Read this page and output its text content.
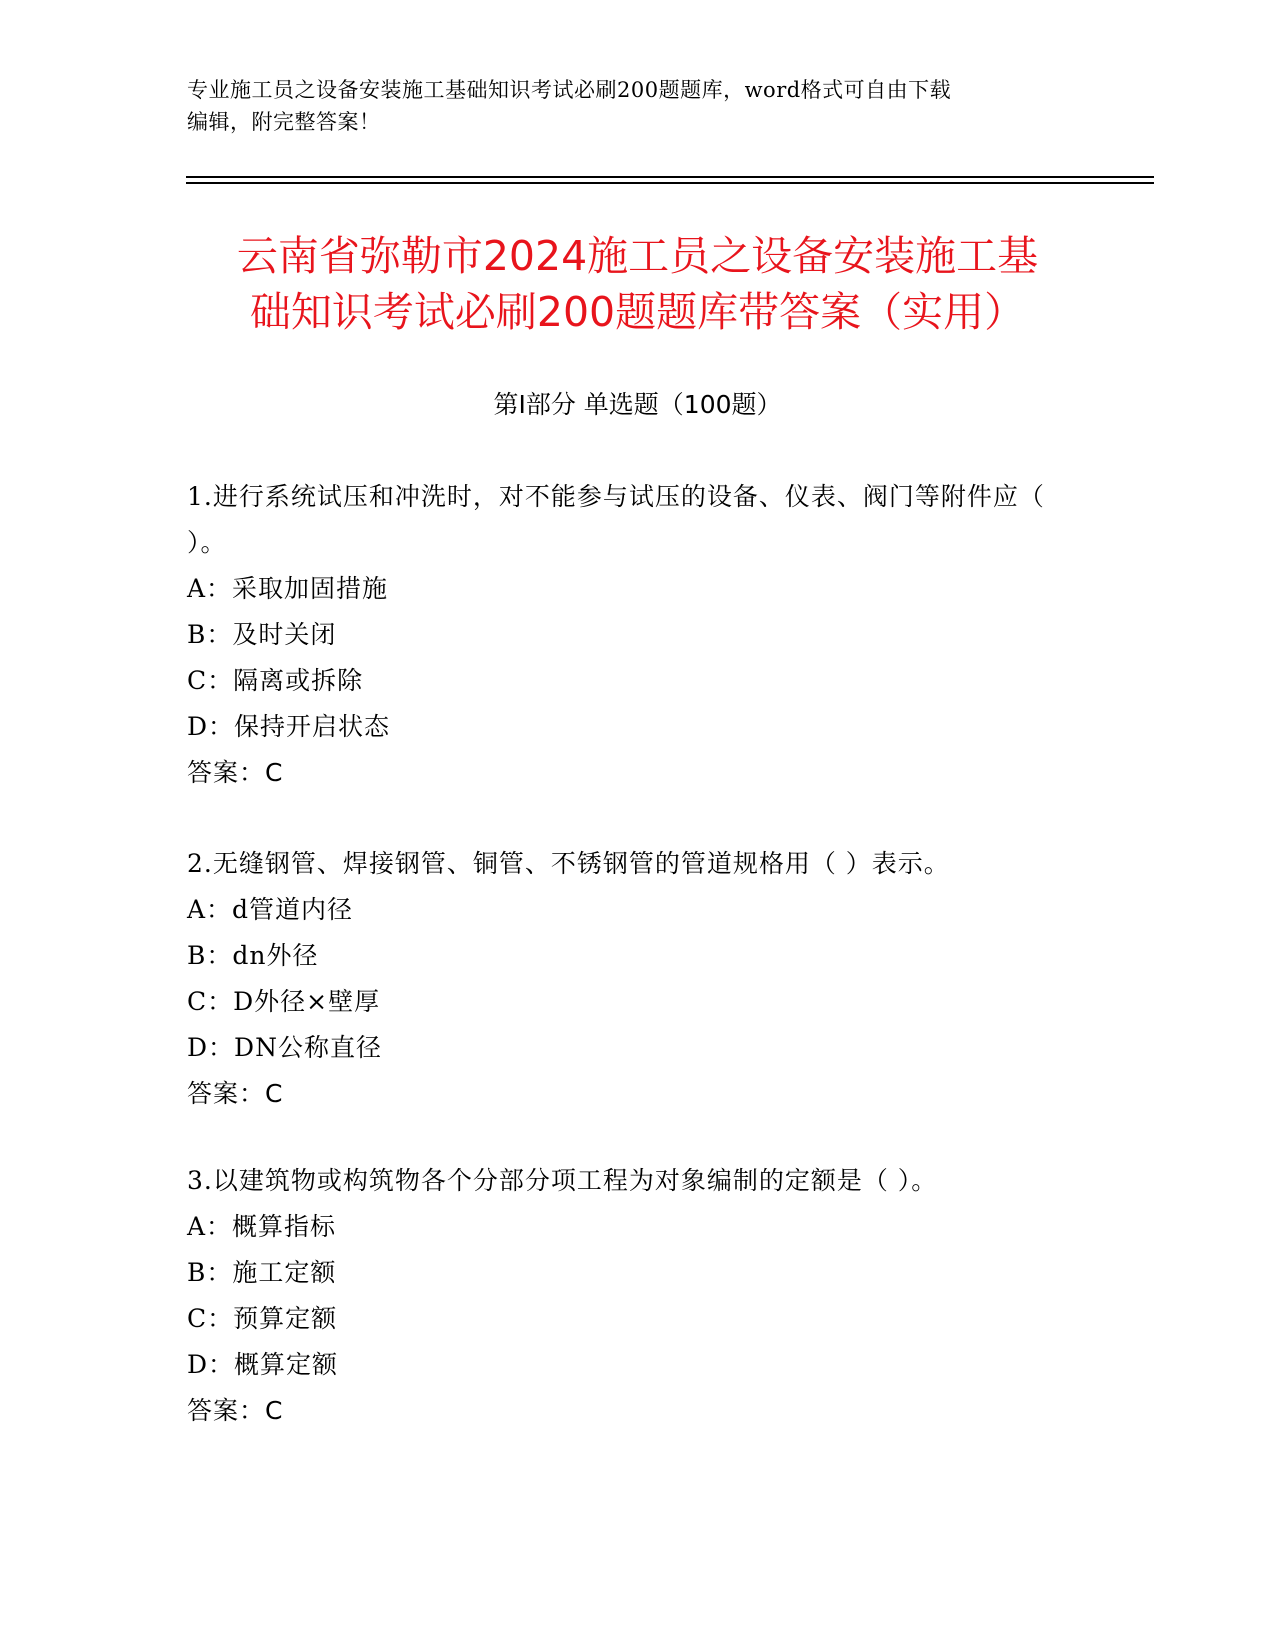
专业施工员之设备安装施工基础知识考试必刷200题题库，word格式可自由下载
编辑，附完整答案！
云南省弥勒市2024施工员之设备安装施工基
础知识考试必刷200题题库带答案（实用）
第Ⅰ部分 单选题（100题）
1.进行系统试压和冲洗时，对不能参与试压的设备、仪表、阀门等附件应（ ）。
A：采取加固措施
B：及时关闭
C：隔离或拆除
D：保持开启状态
答案：C
2.无缝钢管、焊接钢管、铜管、不锈钢管的管道规格用（ ）表示。
A：d管道内径
B：dn外径
C：D外径×壁厚
D：DN公称直径
答案：C
3.以建筑物或构筑物各个分部分项工程为对象编制的定额是（ ）。
A：概算指标
B：施工定额
C：预算定额
D：概算定额
答案：C
